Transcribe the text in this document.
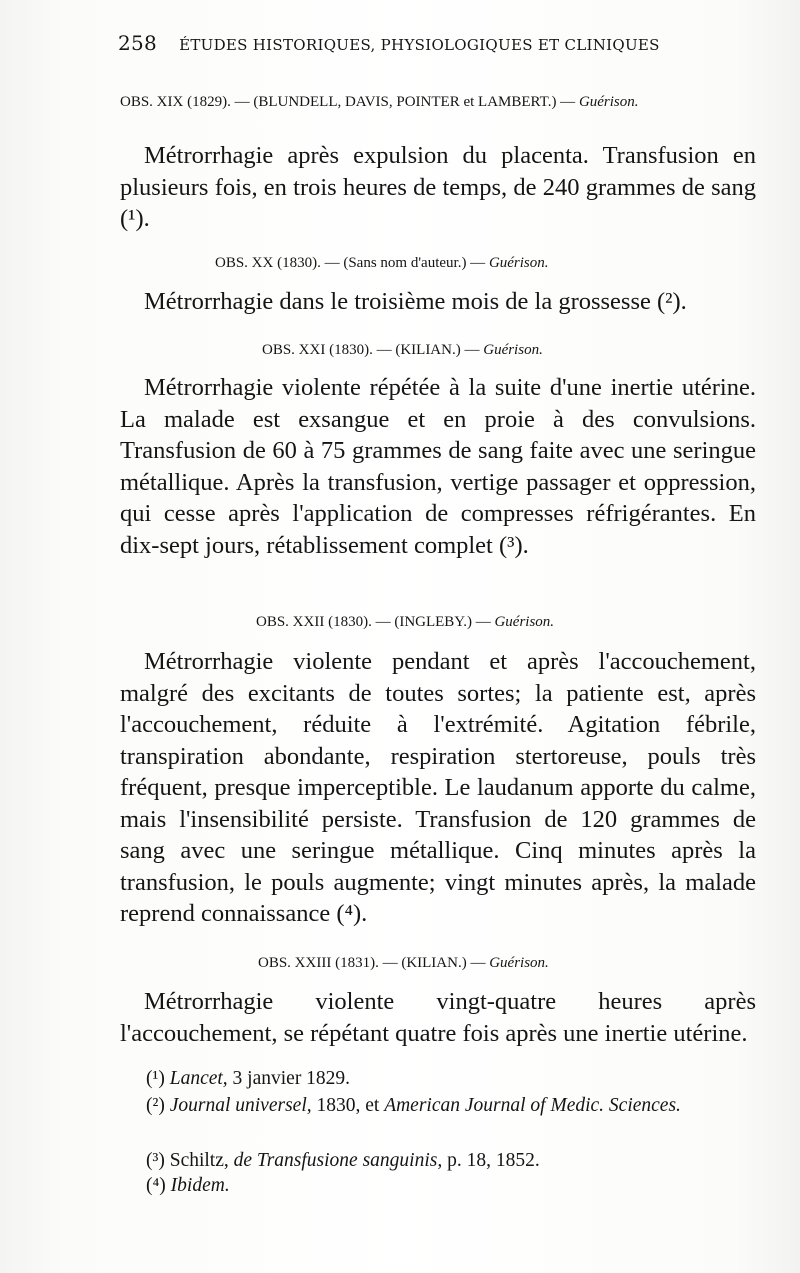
258 ÉTUDES HISTORIQUES, PHYSIOLOGIQUES ET CLINIQUES
OBS. XIX (1829). — (BLUNDELL, DAVIS, POINTER et LAMBERT.) — Guérison.

Métrorrhagie après expulsion du placenta. Transfusion en plusieurs fois, en trois heures de temps, de 240 grammes de sang (¹).

OBS. XX (1830). — (Sans nom d'auteur.) — Guérison.

Métrorrhagie dans le troisième mois de la grossesse (²).

OBS. XXI (1830). — (KILIAN.) — Guérison.

Métrorrhagie violente répétée à la suite d'une inertie utérine. La malade est exsangue et en proie à des convulsions. Transfusion de 60 à 75 grammes de sang faite avec une seringue métallique. Après la transfusion, vertige passager et oppression, qui cesse après l'application de compresses réfrigérantes. En dix-sept jours, rétablissement complet (³).

OBS. XXII (1830). — (INGLEBY.) — Guérison.

Métrorrhagie violente pendant et après l'accouchement, malgré des excitants de toutes sortes; la patiente est, après l'accouchement, réduite à l'extrémité. Agitation fébrile, transpiration abondante, respiration stertoreuse, pouls très fréquent, presque imperceptible. Le laudanum apporte du calme, mais l'insensibilité persiste. Transfusion de 120 grammes de sang avec une seringue métallique. Cinq minutes après la transfusion, le pouls augmente; vingt minutes après, la malade reprend connaissance (⁴).

OBS. XXIII (1831). — (KILIAN.) — Guérison.

Métrorrhagie violente vingt-quatre heures après l'accouchement, se répétant quatre fois après une inertie utérine.

(¹) Lancet, 3 janvier 1829.

(²) Journal universel, 1830, et American Journal of Medic. Sciences.

(³) Schiltz, de Transfusione sanguinis, p. 18, 1852.

(⁴) Ibidem.
